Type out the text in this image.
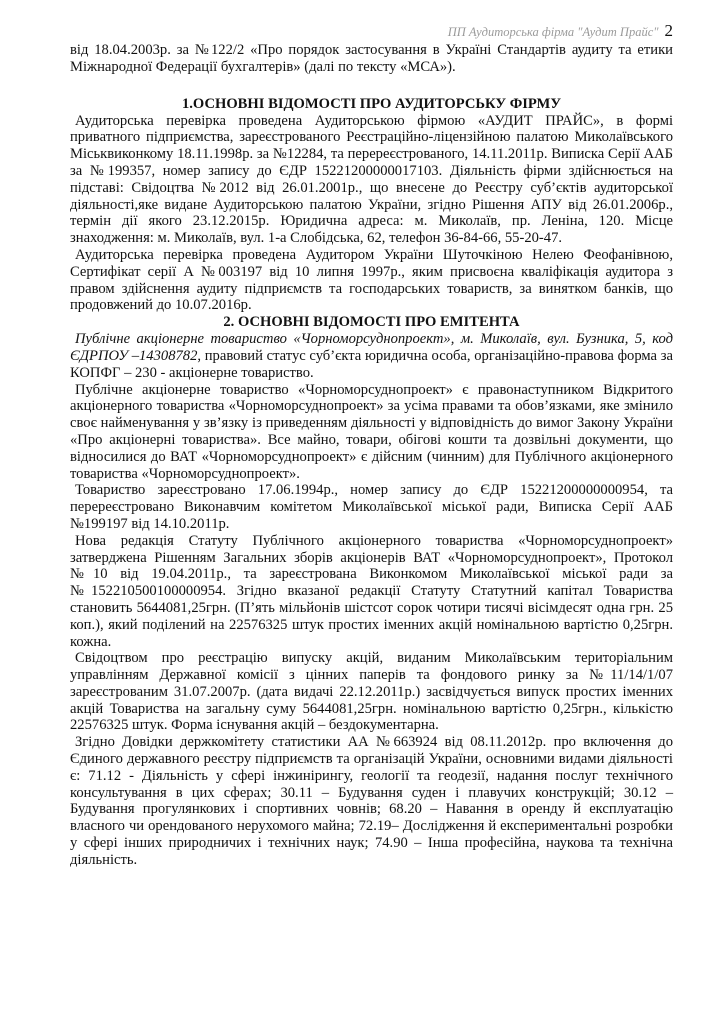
ПП Аудиторська фірма "Аудит Прайс" 2

від 18.04.2003р. за №122/2 «Про порядок застосування в Україні Стандартів аудиту та етики Міжнародної Федерації бухгалтерів» (далі по тексту «МСА»).

1.ОСНОВНІ ВІДОМОСТІ ПРО АУДИТОРСЬКУ ФІРМУ

Аудиторська перевірка проведена Аудиторською фірмою «АУДИТ ПРАЙС», в формі приватного підприємства, зареєстрованого Реєстраційно-ліцензійною палатою Миколаївського Міськвиконкому 18.11.1998р. за №12284, та перереєстрованого, 14.11.2011р. Виписка Серії ААБ за №199357, номер запису до ЄДР 15221200000017103. Діяльність фірми здійснюється на підставі: Свідоцтва №2012 від 26.01.2001р., що внесене до Реєстру суб’єктів аудиторської діяльності,яке видане Аудиторською палатою України, згідно Рішення АПУ від 26.01.2006р., термін дії якого 23.12.2015р. Юридична адреса: м. Миколаїв, пр. Леніна, 120. Місце знаходження: м. Миколаїв, вул. 1-а Слобідська, 62, телефон 36-84-66, 55-20-47.

Аудиторська перевірка проведена Аудитором України Шуточкіною Нелею Феофанівною, Сертифікат серії А №003197 від 10 липня 1997р., яким присвоєна кваліфікація аудитора з правом здійснення аудиту підприємств та господарських товариств, за винятком банків, що продовжений до 10.07.2016р.

2. ОСНОВНІ ВІДОМОСТІ ПРО ЕМІТЕНТА

Публічне акціонерне товариство «Чорноморсуднопроект», м. Миколаїв, вул. Бузника, 5, код ЄДРПОУ –14308782, правовий статус суб’єкта юридична особа, організаційно-правова форма за КОПФГ – 230 - акціонерне товариство.

Публічне акціонерне товариство «Чорноморсуднопроект» є правонаступником Відкритого акціонерного товариства «Чорноморсуднопроект» за усіма правами та обов’язками, яке змінило своє найменування у зв’язку із приведенням діяльності у відповідність до вимог Закону України «Про акціонерні товариства». Все майно, товари, обігові кошти та дозвільні документи, що відносилися до ВАТ «Чорноморсуднопроект» є дійсним (чинним) для Публічного акціонерного товариства «Чорноморсуднопроект».

Товариство зареєстровано 17.06.1994р., номер запису до ЄДР 15221200000000954, та перереєстровано Виконавчим комітетом Миколаївської міської ради, Виписка Серії ААБ №199197 від 14.10.2011р.

Нова редакція Статуту Публічного акціонерного товариства «Чорноморсуднопроект» затверджена Рішенням Загальних зборів акціонерів ВАТ «Чорноморсуднопроект», Протокол №10 від 19.04.2011р., та зареєстрована Виконкомом Миколаївської міської ради за №152210500100000954. Згідно вказаної редакції Статуту Статутний капітал Товариства становить 5644081,25грн. (П’ять мільйонів шістсот сорок чотири тисячі вісімдесят одна грн. 25 коп.), який поділений на 22576325 штук простих іменних акцій номінальною вартістю 0,25грн. кожна.

Свідоцтвом про реєстрацію випуску акцій, виданим Миколаївським територіальним управлінням Державної комісії з цінних паперів та фондового ринку за №11/14/1/07 зареєстрованим 31.07.2007р. (дата видачі 22.12.2011р.) засвідчується випуск простих іменних акцій Товариства на загальну суму 5644081,25грн. номінальною вартістю 0,25грн., кількістю 22576325 штук. Форма існування акцій – бездокументарна.

Згідно Довідки держкомітету статистики АА №663924 від 08.11.2012р. про включення до Єдиного державного реєстру підприємств та організацій України, основними видами діяльності є: 71.12 - Діяльність у сфері інжинірингу, геології та геодезії, надання послуг технічного консультування в цих сферах; 30.11 – Будування суден і плавучих конструкцій; 30.12 – Будування прогулянкових і спортивних човнів; 68.20 – Навання в оренду й експлуатацію власного чи орендованого нерухомого майна; 72.19– Дослідження й експериментальні розробки у сфері інших природничих і технічних наук; 74.90 – Інша професійна, наукова та технічна діяльність.
